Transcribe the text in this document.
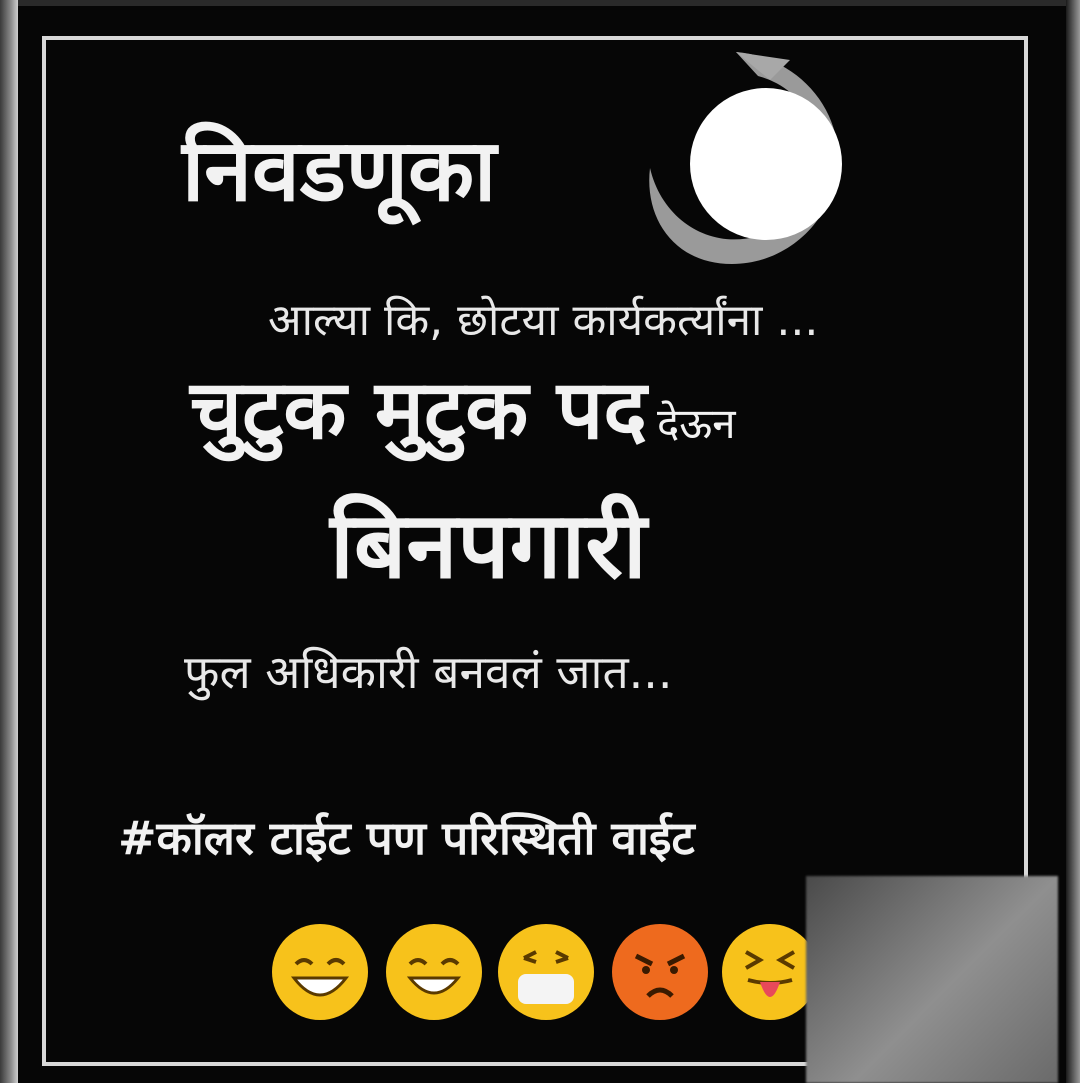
निवडणूका
आल्या कि, छोटया कार्यकर्त्यांना ...
चुटुक मुटुक पद देऊन
बिनपगारी
फुल अधिकारी बनवलं जात...
#कॉलर टाईट पण परिस्थिती वाईट
